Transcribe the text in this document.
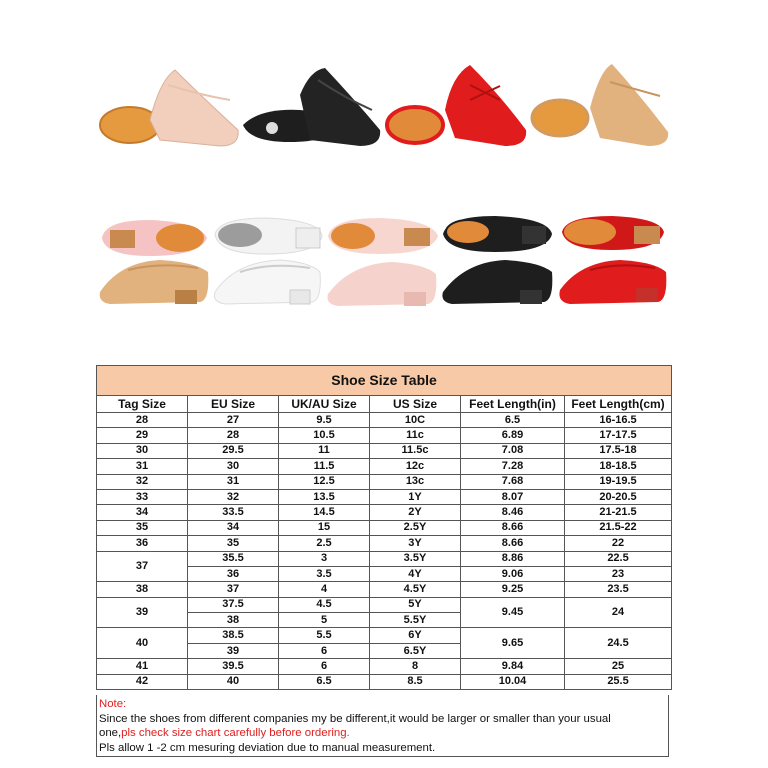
Shoe Size Table					
Tag Size	EU Size	UK/AU Size	US Size	Feet Length(in)	Feet Length(cm)
28	27	9.5	10C	6.5	16-16.5
29	28	10.5	11c	6.89	17-17.5
30	29.5	11	11.5c	7.08	17.5-18
31	30	11.5	12c	7.28	18-18.5
32	31	12.5	13c	7.68	19-19.5
33	32	13.5	1Y	8.07	20-20.5
34	33.5	14.5	2Y	8.46	21-21.5
35	34	15	2.5Y	8.66	21.5-22
36	35	2.5	3Y	8.66	22
37	35.5	3	3.5Y	8.86	22.5
	36	3.5	4Y	9.06	23
38	37	4	4.5Y	9.25	23.5
39	37.5	4.5	5Y	9.45	24
	38	5	5.5Y		
40	38.5	5.5	6Y	9.65	24.5
	39	6	6.5Y		
41	39.5	6	8	9.84	25
42	40	6.5	8.5	10.04	25.5
Note:
Since the shoes from different companies my be different,it would be larger or smaller than your usual
one,pls check size chart carefully before ordering.
Pls allow 1 -2 cm mesuring deviation due to manual measurement.
